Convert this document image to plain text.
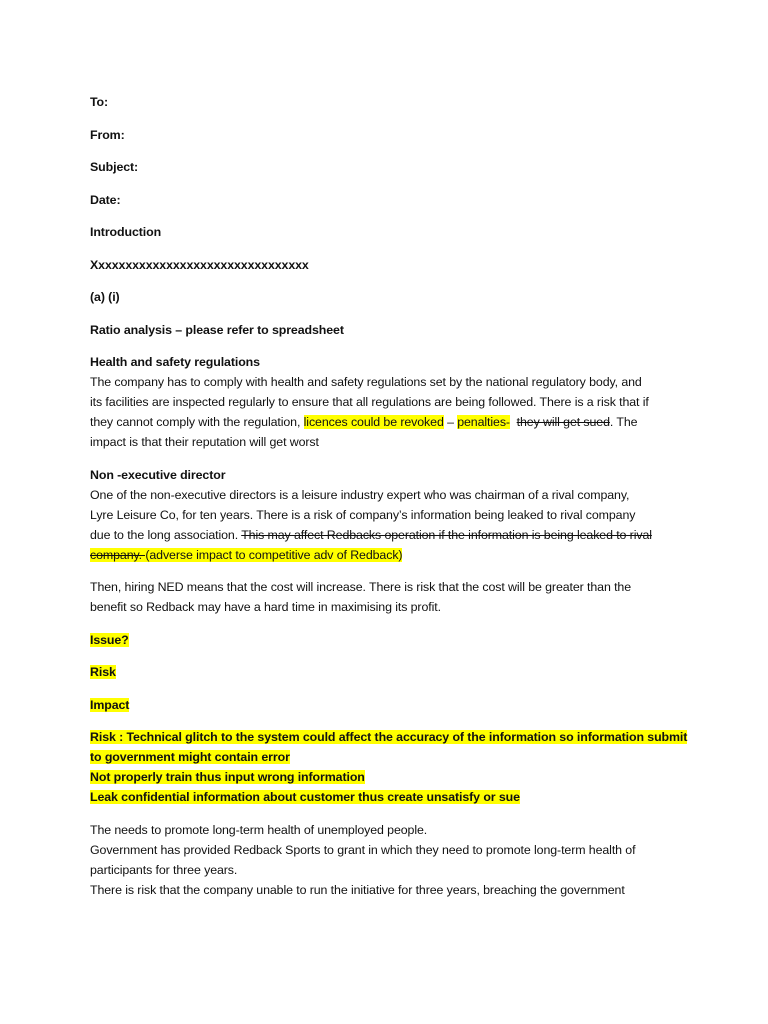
To:
From:
Subject:
Date:
Introduction
Xxxxxxxxxxxxxxxxxxxxxxxxxxxxxxxx
(a) (i)
Ratio analysis – please refer to spreadsheet
Health and safety regulations
The company has to comply with health and safety regulations set by the national regulatory body, and
its facilities are inspected regularly to ensure that all regulations are being followed. There is a risk that if
they cannot comply with the regulation, licences could be revoked – penalties- they will get sued. The
impact is that their reputation will get worst
Non -executive director
One of the non-executive directors is a leisure industry expert who was chairman of a rival company,
Lyre Leisure Co, for ten years. There is a risk of company’s information being leaked to rival company
due to the long association. This may affect Redbacks operation if the information is being leaked to rival
company. (adverse impact to competitive adv of Redback)
Then, hiring NED means that the cost will increase. There is risk that the cost will be greater than the
benefit so Redback may have a hard time in maximising its profit.
Issue?
Risk
Impact
Risk : Technical glitch to the system could affect the accuracy of the information so information submit
to government might contain error
Not properly train thus input wrong information
Leak confidential information about customer thus create unsatisfy or sue
The needs to promote long-term health of unemployed people.
Government has provided Redback Sports to grant in which they need to promote long-term health of
participants for three years.
There is risk that the company unable to run the initiative for three years, breaching the government
